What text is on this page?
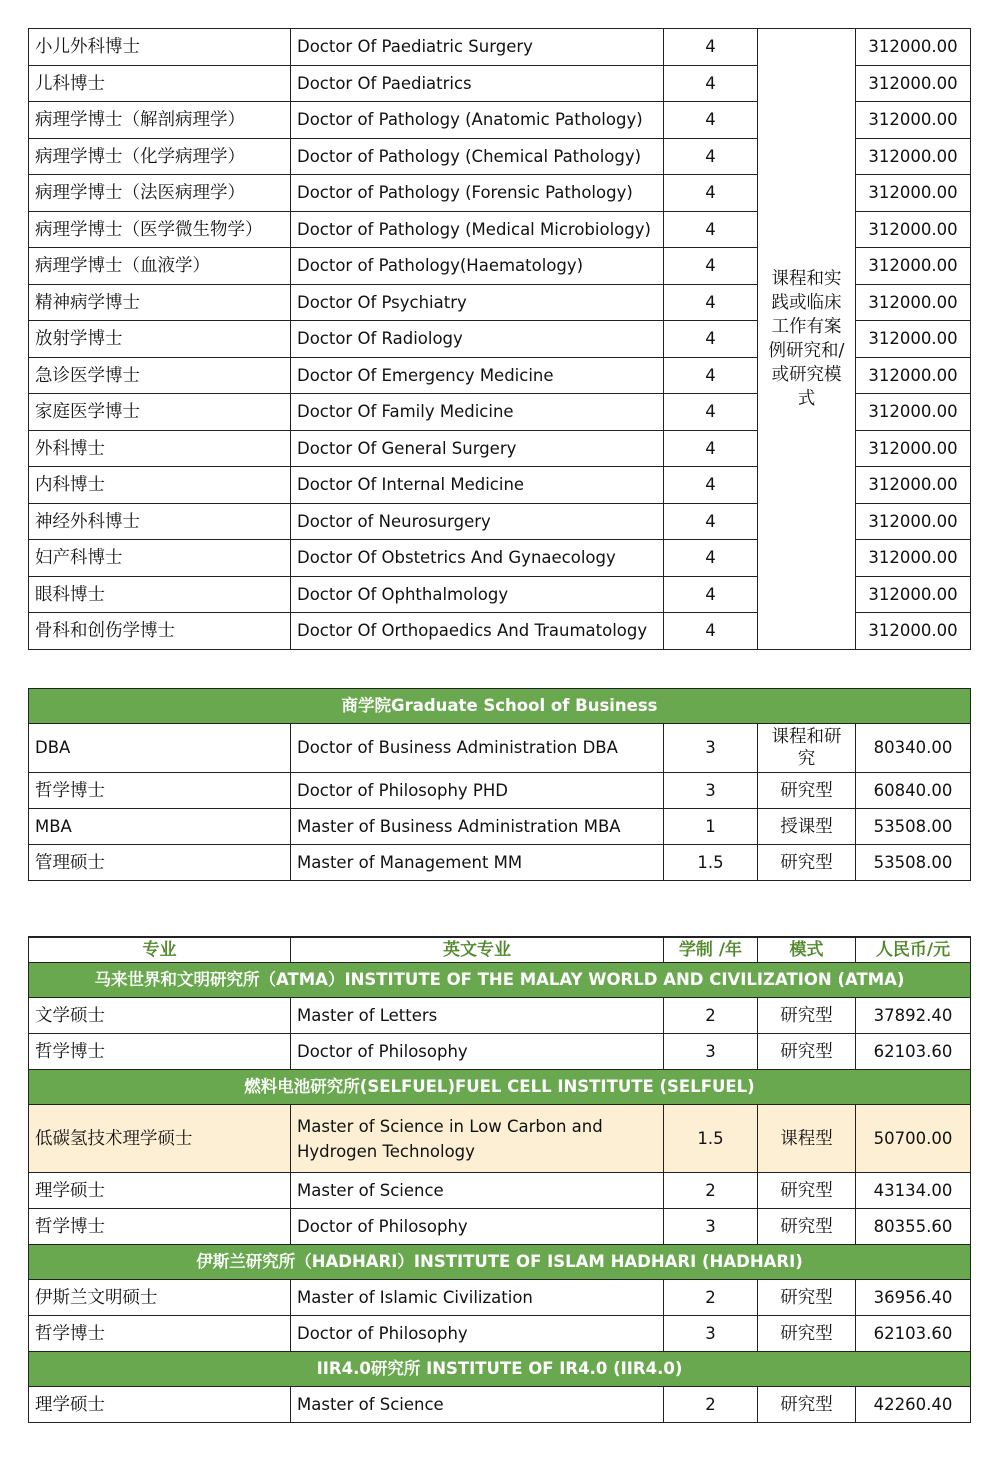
小儿外科博士	Doctor Of Paediatric Surgery	4	课程和实践或临床工作有案例研究和/或研究模式	312000.00
儿科博士	Doctor Of Paediatrics	4		312000.00
病理学博士（解剖病理学）	Doctor of Pathology (Anatomic Pathology)	4		312000.00
病理学博士（化学病理学）	Doctor of Pathology (Chemical Pathology)	4		312000.00
病理学博士（法医病理学）	Doctor of Pathology (Forensic Pathology)	4		312000.00
病理学博士（医学微生物学）	Doctor of Pathology (Medical Microbiology)	4		312000.00
病理学博士（血液学）	Doctor of Pathology(Haematology)	4		312000.00
精神病学博士	Doctor Of Psychiatry	4		312000.00
放射学博士	Doctor Of Radiology	4		312000.00
急诊医学博士	Doctor Of Emergency Medicine	4		312000.00
家庭医学博士	Doctor Of Family Medicine	4		312000.00
外科博士	Doctor Of General Surgery	4		312000.00
内科博士	Doctor Of Internal Medicine	4		312000.00
神经外科博士	Doctor of Neurosurgery	4		312000.00
妇产科博士	Doctor Of Obstetrics And Gynaecology	4		312000.00
眼科博士	Doctor Of Ophthalmology	4		312000.00
骨科和创伤学博士	Doctor Of Orthopaedics And Traumatology	4		312000.00
商学院Graduate School of Business				
DBA	Doctor of Business Administration DBA	3	课程和研究	80340.00
哲学博士	Doctor of Philosophy PHD	3	研究型	60840.00
MBA	Master of Business Administration MBA	1	授课型	53508.00
管理硕士	Master of Management MM	1.5	研究型	53508.00
专业	英文专业	学制 /年	模式	人民币/元
马来世界和文明研究所（ATMA）INSTITUTE OF THE MALAY WORLD AND CIVILIZATION (ATMA)				
文学硕士	Master of Letters	2	研究型	37892.40
哲学博士	Doctor of Philosophy	3	研究型	62103.60
燃料电池研究所(SELFUEL)FUEL CELL INSTITUTE (SELFUEL)				
低碳氢技术理学硕士	Master of Science in Low Carbon and Hydrogen Technology	1.5	课程型	50700.00
理学硕士	Master of Science	2	研究型	43134.00
哲学博士	Doctor of Philosophy	3	研究型	80355.60
伊斯兰研究所（HADHARI）INSTITUTE OF ISLAM HADHARI (HADHARI)				
伊斯兰文明硕士	Master of Islamic Civilization	2	研究型	36956.40
哲学博士	Doctor of Philosophy	3	研究型	62103.60
IIR4.0研究所 INSTITUTE OF IR4.0 (IIR4.0)				
理学硕士	Master of Science	2	研究型	42260.40
